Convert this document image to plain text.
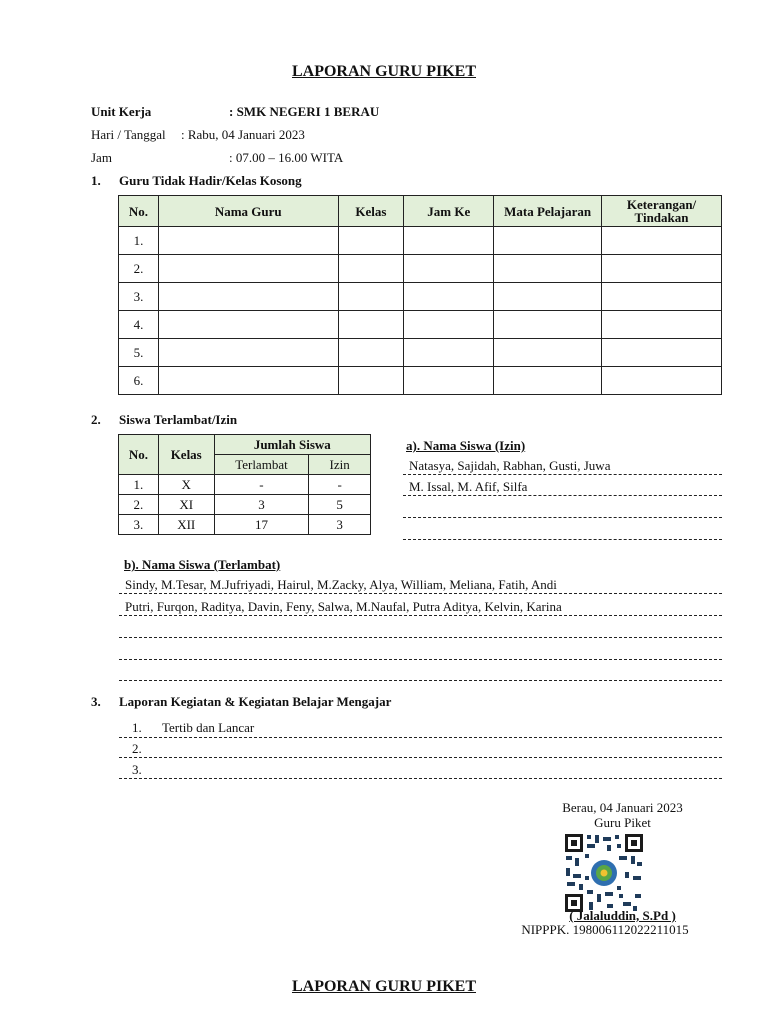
LAPORAN GURU PIKET
Unit Kerja	: SMK NEGERI 1 BERAU
Hari / Tanggal : Rabu, 04 Januari 2023
Jam	: 07.00 – 16.00 WITA
1. Guru Tidak Hadir/Kelas Kosong
No.	Nama Guru	Kelas	Jam Ke	Mata Pelajaran	Keterangan/ Tindakan
1.					
2.					
3.					
4.					
5.					
6.					
2. Siswa Terlambat/Izin
No.	Kelas	Jumlah Siswa	
		Terlambat	Izin
1.	X	-	-
2.	XI	3	5
3.	XII	17	3
a). Nama Siswa (Izin)
Natasya, Sajidah, Rabhan, Gusti, Juwa
M. Issal, M. Afif, Silfa
b). Nama Siswa (Terlambat)
Sindy, M.Tesar, M.Jufriyadi, Hairul, M.Zacky, Alya, William, Meliana, Fatih, Andi
Putri, Furqon, Raditya, Davin, Feny, Salwa, M.Naufal, Putra Aditya, Kelvin, Karina
3. Laporan Kegiatan & Kegiatan Belajar Mengajar
1. Tertib dan Lancar
2.
3.
Berau, 04 Januari 2023
Guru Piket
( Jalaluddin, S.Pd )
NIPPPK. 198006112022211015
LAPORAN GURU PIKET
